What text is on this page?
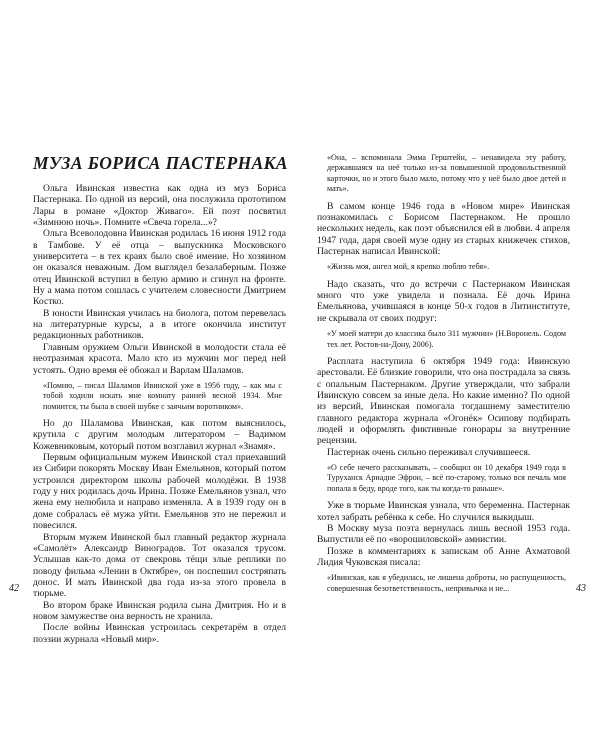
МУЗА БОРИСА ПАСТЕРНАКА

Ольга Ивинская известна как одна из муз Бориса Пастернака. По одной из версий, она послужила прототипом Лары в романе «Доктор Живаго». Ей поэт посвятил «Зимнюю ночь». Помните «Свеча горела...»?

Ольга Всеволодовна Ивинская родилась 16 июня 1912 года в Тамбове. У её отца – выпускника Московского университета – в тех краях было своё имение. Но хозяином он оказался неважным. Дом выглядел безалаберным. Позже отец Ивинской вступил в белую армию и сгинул на фронте. Ну а мама потом сошлась с учителем словесности Дмитрием Костко.

В юности Ивинская училась на биолога, потом перевелась на литературные курсы, а в итоге окончила институт редакционных работников.

Главным оружием Ольги Ивинской в молодости стала её неотразимая красота. Мало кто из мужчин мог перед ней устоять. Одно время её обожал и Варлам Шаламов.

«Помню, – писал Шаламов Ивинской уже в 1956 году, – как мы с тобой ходили искать мне комнату ранней весной 1934. Мне помнится, ты была в своей шубке с заячьим воротником».

Но до Шаламова Ивинская, как потом выяснилось, крутила с другим молодым литератором – Вадимом Кожевниковым, который потом возглавил журнал «Знамя».

Первым официальным мужем Ивинской стал приехавший из Сибири покорять Москву Иван Емельянов, который потом устроился директором школы рабочей молодёжи. В 1938 году у них родилась дочь Ирина. Позже Емельянов узнал, что жена ему нелюбила и направо изменяла. А в 1939 году он в доме собралась её мужа уйти. Емельянов это не пережил и повесился.

Вторым мужем Ивинской был главный редактор журнала «Самолёт» Александр Виноградов. Тот оказался трусом. Услышав как-то дома от свекровь тёщи злые реплики по поводу фильма «Ленин в Октябре», он поспешил состряпать донос. И мать Ивинской два года из-за этого провела в тюрьме.

Во втором браке Ивинская родила сына Дмитрия. Но и в новом замужестве она верность не хранила.

После войны Ивинская устроилась секретарём в отдел поэзии журнала «Новый мир».

42

«Она, – вспоминала Эмма Герштейн, – ненавидела эту работу, державшаяся на неё только из-за повышенной продовольственной карточки, но и этого было мало, потому что у неё было двое детей и мать».

В самом конце 1946 года в «Новом мире» Ивинская познакомилась с Борисом Пастернаком. Не прошло нескольких недель, как поэт объяснился ей в любви. 4 апреля 1947 года, даря своей музе одну из старых книжечек стихов, Пастернак написал Ивинской:

«Жизнь моя, ангел мой, я крепко люблю тебя».

Надо сказать, что до встречи с Пастернаком Ивинская много что уже увидела и познала. Её дочь Ирина Емельянова, учившаяся в конце 50-х годов в Литинституте, не скрывала от своих подруг:

«У моей матери до классика было 311 мужчин» (Н.Воронель. Содом тех лет. Ростов-на-Дону, 2006).

Расплата наступила 6 октября 1949 года: Ивинскую арестовали. Её близкие говорили, что она пострадала за связь с опальным Пастернаком. Другие утверждали, что забрали Ивинскую совсем за иные дела. Но какие именно? По одной из версий, Ивинская помогала тогдашнему заместителю главного редактора журнала «Огонёк» Осипову подбирать людей и оформлять фиктивные гонорары за внутренние рецензии.

Пастернак очень сильно переживал случившееся.

«О себе нечего рассказывать, – сообщил он 10 декабря 1949 года в Туруханск Ариадне Эфрон, – всё по-старому, только вся печаль моя попала в беду, вроде того, как ты когда-то раньше».

Уже в тюрьме Ивинская узнала, что беременна. Пастернак хотел забрать ребёнка к себе. Но случился выкидыш.

В Москву муза поэта вернулась лишь весной 1953 года. Выпустили её по «ворошиловской» амнистии.

Позже в комментариях к запискам об Анне Ахматовой Лидия Чуковская писала:

«Ивинская, как я убедилась, не лишена доброты, но распущенность, совершенная безответственность, непривычка и не...	43
